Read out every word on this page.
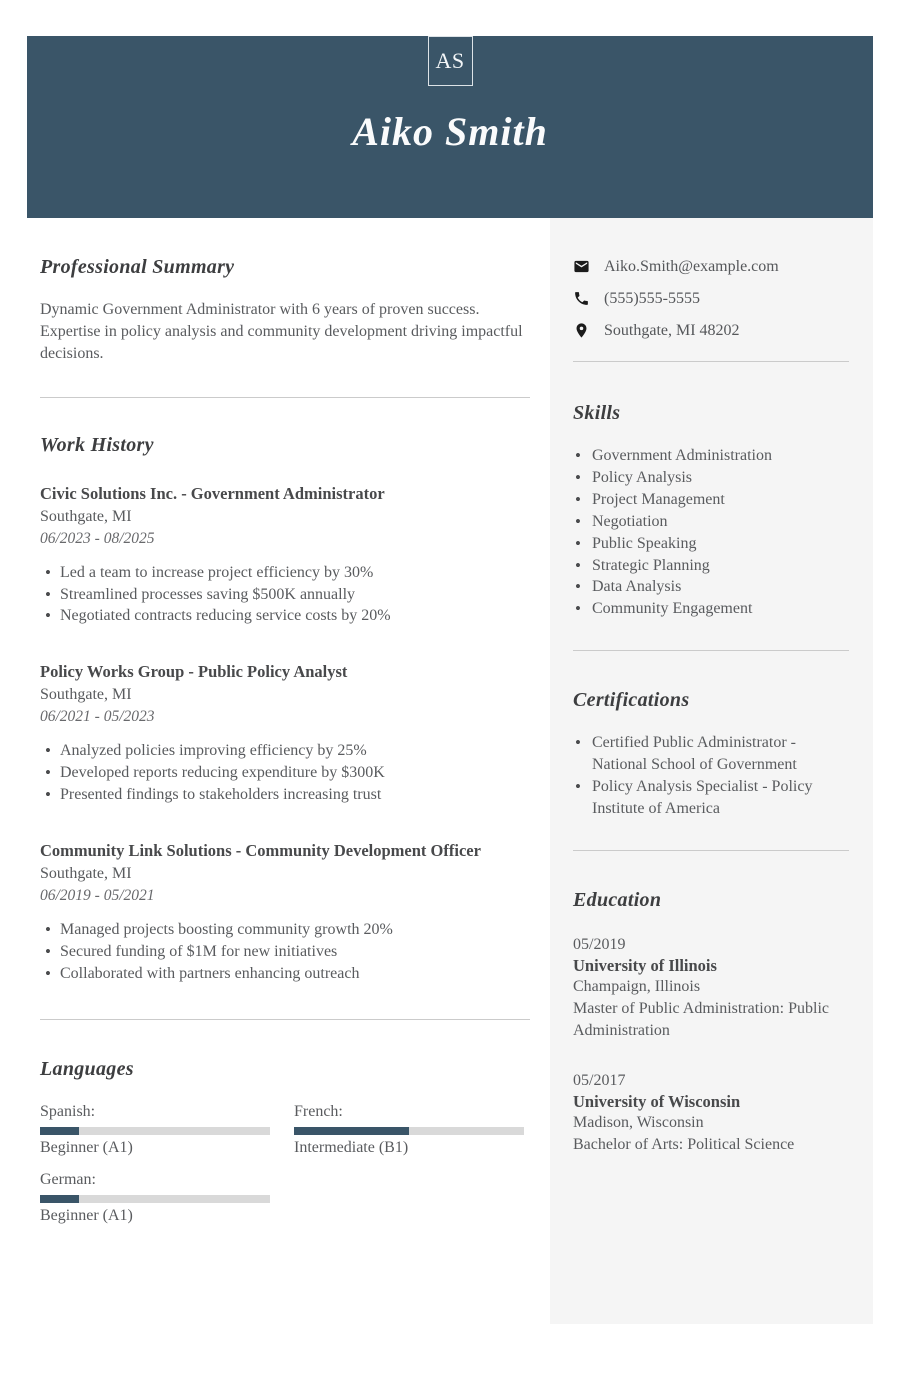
AS
Aiko Smith
Professional Summary

Dynamic Government Administrator with 6 years of proven success. Expertise in policy analysis and community development driving impactful decisions.

Work History
Civic Solutions Inc. - Government Administrator
Southgate, MI
06/2023 - 08/2025
• Led a team to increase project efficiency by 30%
• Streamlined processes saving $500K annually
• Negotiated contracts reducing service costs by 20%
Policy Works Group - Public Policy Analyst
Southgate, MI
06/2021 - 05/2023
• Analyzed policies improving efficiency by 25%
• Developed reports reducing expenditure by $300K
• Presented findings to stakeholders increasing trust
Community Link Solutions - Community Development Officer
Southgate, MI
06/2019 - 05/2021
• Managed projects boosting community growth 20%
• Secured funding of $1M for new initiatives
• Collaborated with partners enhancing outreach
Languages
Spanish:
Beginner (A1)
French:
Intermediate (B1)
German:
Beginner (A1)
Aiko.Smith@example.com
(555)555-5555
Southgate, MI 48202
Skills
• Government Administration
• Policy Analysis
• Project Management
• Negotiation
• Public Speaking
• Strategic Planning
• Data Analysis
• Community Engagement
Certifications
• Certified Public Administrator - National School of Government
• Policy Analysis Specialist - Policy Institute of America
Education
05/2019
University of Illinois
Champaign, Illinois
Master of Public Administration: Public Administration
05/2017
University of Wisconsin
Madison, Wisconsin
Bachelor of Arts: Political Science
